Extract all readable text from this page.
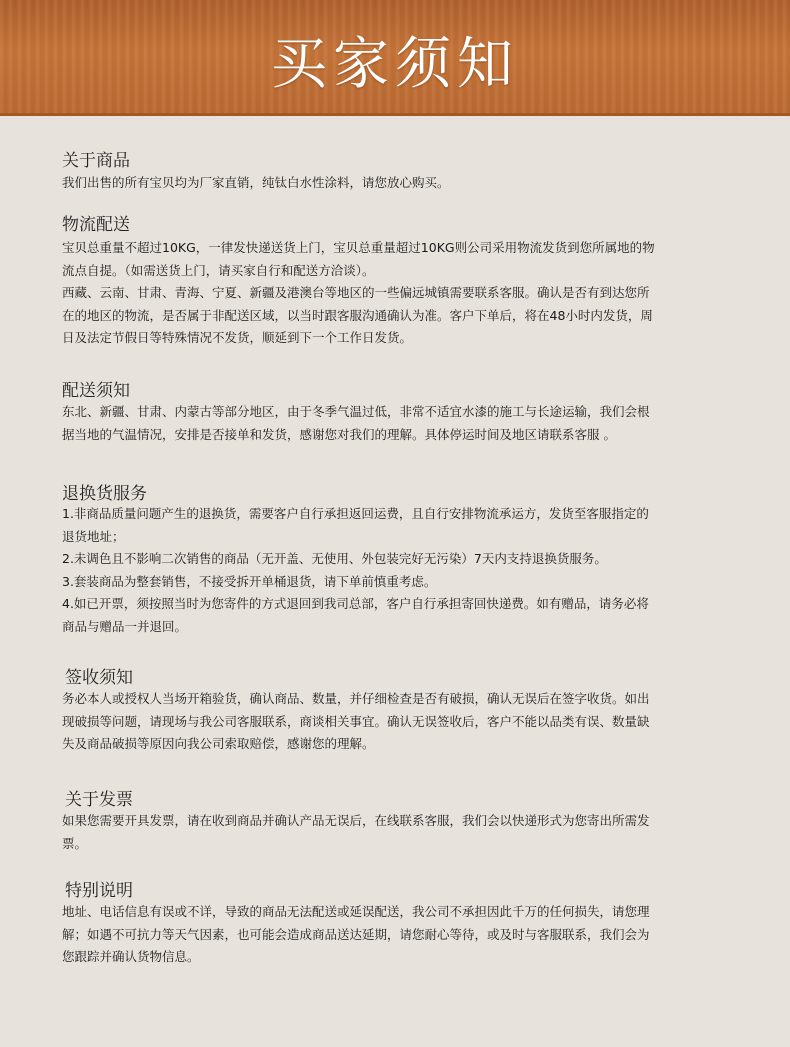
买家须知
关于商品
我们出售的所有宝贝均为厂家直销，纯钛白水性涂料，请您放心购买。
物流配送
宝贝总重量不超过10KG，一律发快递送货上门，宝贝总重量超过10KG则公司采用物流发货到您所属地的物
流点自提。（如需送货上门，请买家自行和配送方洽谈）。
西藏、云南、甘肃、青海、宁夏、新疆及港澳台等地区的一些偏远城镇需要联系客服。确认是否有到达您所
在的地区的物流，是否属于非配送区域，以当时跟客服沟通确认为准。客户下单后，将在48小时内发货，周
日及法定节假日等特殊情况不发货，顺延到下一个工作日发货。
配送须知
东北、新疆、甘肃、内蒙古等部分地区，由于冬季气温过低，非常不适宜水漆的施工与长途运输，我们会根
据当地的气温情况，安排是否接单和发货，感谢您对我们的理解。具体停运时间及地区请联系客服 。
退换货服务
1.非商品质量问题产生的退换货，需要客户自行承担返回运费，且自行安排物流承运方，发货至客服指定的
退货地址；
2.未调色且不影响二次销售的商品（无开盖、无使用、外包装完好无污染）7天内支持退换货服务。
3.套装商品为整套销售，不接受拆开单桶退货，请下单前慎重考虑。
4.如已开票，须按照当时为您寄件的方式退回到我司总部，客户自行承担寄回快递费。如有赠品，请务必将
商品与赠品一并退回。
签收须知
务必本人或授权人当场开箱验货，确认商品、数量，并仔细检查是否有破损，确认无误后在签字收货。如出
现破损等问题，请现场与我公司客服联系，商谈相关事宜。确认无误签收后，客户不能以品类有误、数量缺
失及商品破损等原因向我公司索取赔偿，感谢您的理解。
关于发票
如果您需要开具发票，请在收到商品并确认产品无误后，在线联系客服，我们会以快递形式为您寄出所需发
票。
特别说明
地址、电话信息有误或不详，导致的商品无法配送或延误配送，我公司不承担因此千万的任何损失，请您理
解；如遇不可抗力等天气因素，也可能会造成商品送达延期，请您耐心等待，或及时与客服联系，我们会为
您跟踪并确认货物信息。
